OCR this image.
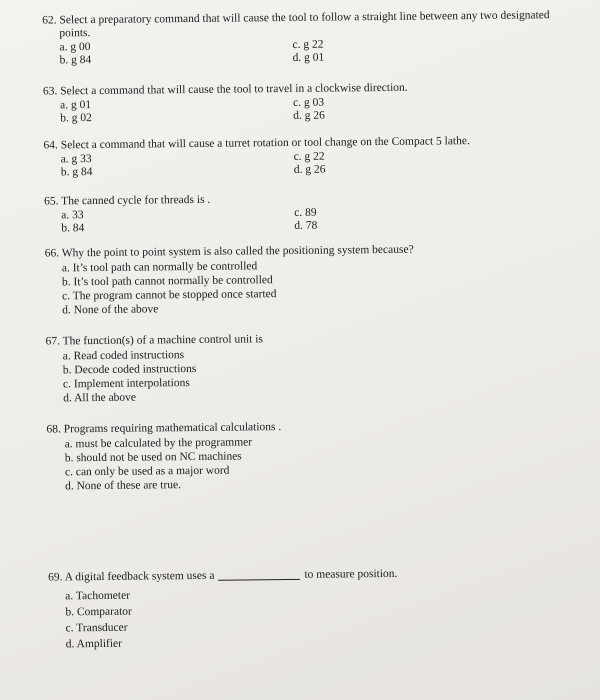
62. Select a preparatory command that will cause the tool to follow a straight line between any two designated
points.
a. g 00
b. g 84
c. g 22
d. g 01
63. Select a command that will cause the tool to travel in a clockwise direction.
a. g 01
b. g 02
c. g 03
d. g 26
64. Select a command that will cause a turret rotation or tool change on the Compact 5 lathe.
a. g 33
b. g 84
c. g 22
d. g 26
65. The canned cycle for threads is .
a. 33
b. 84
c. 89
d. 78
66. Why the point to point system is also called the positioning system because?
a. It’s tool path can normally be controlled
b. It’s tool path cannot normally be controlled
c. The program cannot be stopped once started
d. None of the above
67. The function(s) of a machine control unit is
a. Read coded instructions
b. Decode coded instructions
c. Implement interpolations
d. All the above
68. Programs requiring mathematical calculations .
a. must be calculated by the programmer
b. should not be used on NC machines
c. can only be used as a major word
d. None of these are true.
69. A digital feedback system uses a	to measure position.
a. Tachometer
b. Comparator
c. Transducer
d. Amplifier
